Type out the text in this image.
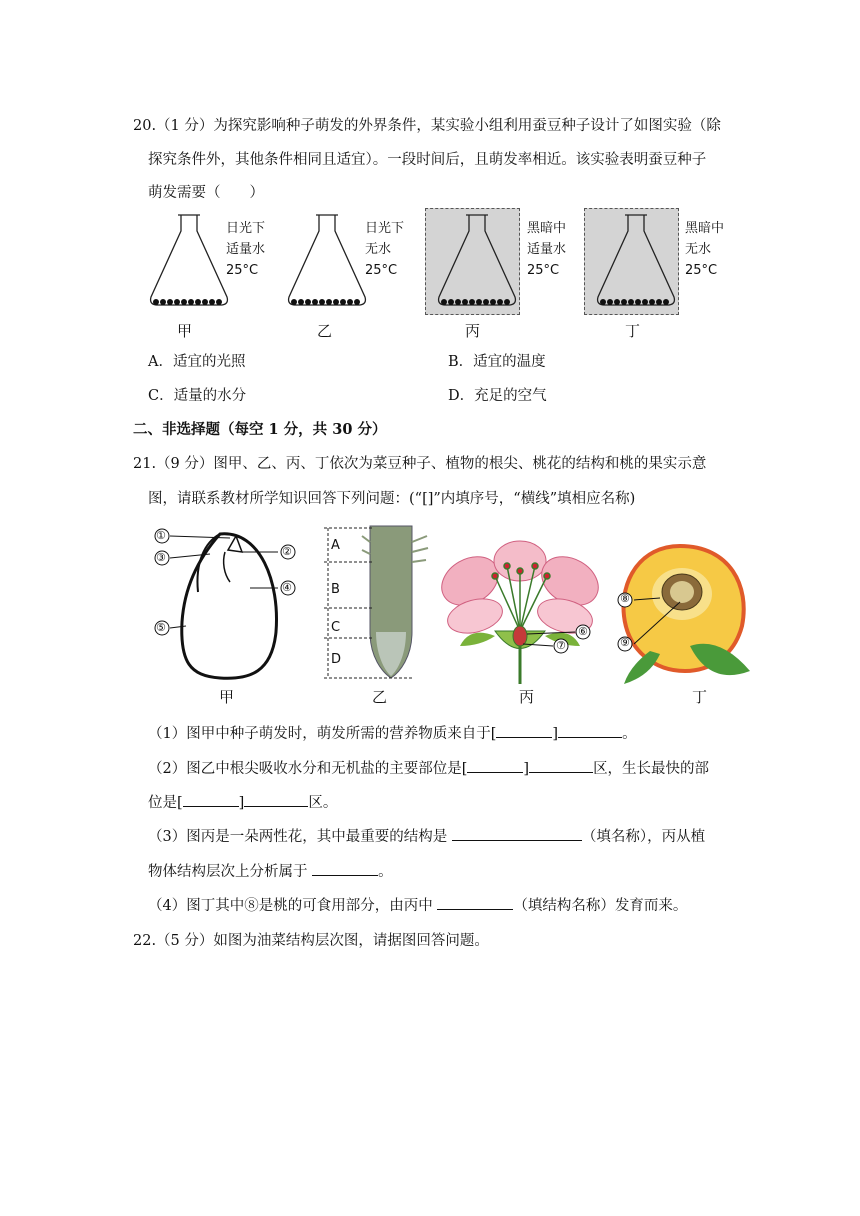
20.（1 分）为探究影响种子萌发的外界条件，某实验小组利用蚕豆种子设计了如图实验（除
探究条件外，其他条件相同且适宜）。一段时间后，且萌发率相近。该实验表明蚕豆种子
萌发需要（　　）
日光下
适量水
25°C
日光下
无水
25°C
黑暗中
适量水
25°C
黑暗中
无水
25°C
甲	乙	丙	丁
A．适宜的光照	B．适宜的温度
C．适量的水分	D．充足的空气
二、非选择题（每空 1 分，共 30 分）
21.（9 分）图甲、乙、丙、丁依次为菜豆种子、植物的根尖、桃花的结构和桃的果实示意
图，请联系教材所学知识回答下列问题：(“[]”内填序号，“横线”填相应名称)
①
③	②
④
⑤
A
B
C
D
⑥
⑦
⑧
⑨
甲	乙	丙	丁
（1）图甲中种子萌发时，萌发所需的营养物质来自于[	]	。
（2）图乙中根尖吸收水分和无机盐的主要部位是[	]	区，生长最快的部
位是[	]	区。
（3）图丙是一朵两性花，其中最重要的结构是	（填名称），丙从植
物体结构层次上分析属于	。
（4）图丁其中⑧是桃的可食用部分，由丙中	（填结构名称）发育而来。
22.（5 分）如图为油菜结构层次图，请据图回答问题。
